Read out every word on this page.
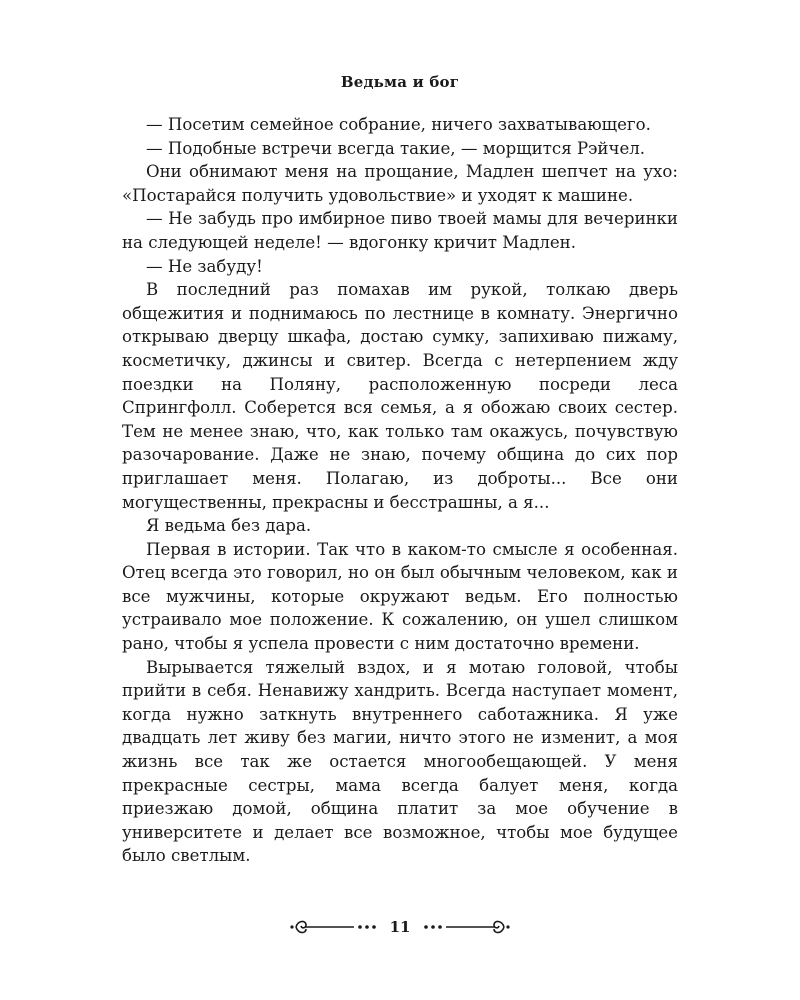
Ведьма и бог

— Посетим семейное собрание, ничего захватывающего.

— Подобные встречи всегда такие, — морщится Рэйчел.

Они обнимают меня на прощание, Мадлен шепчет на ухо: «Постарайся получить удовольствие» и уходят к машине.

— Не забудь про имбирное пиво твоей мамы для вечеринки на следующей неделе! — вдогонку кричит Мадлен.

— Не забуду!

В последний раз помахав им рукой, толкаю дверь общежития и поднимаюсь по лестнице в комнату. Энергично открываю дверцу шкафа, достаю сумку, запихиваю пижаму, косметичку, джинсы и свитер. Всегда с нетерпением жду поездки на Поляну, расположенную посреди леса Спрингфолл. Соберется вся семья, а я обожаю своих сестер. Тем не менее знаю, что, как только там окажусь, почувствую разочарование. Даже не знаю, почему община до сих пор приглашает меня. Полагаю, из доброты... Все они могущественны, прекрасны и бесстрашны, а я...

Я ведьма без дара.

Первая в истории. Так что в каком-то смысле я особенная. Отец всегда это говорил, но он был обычным человеком, как и все мужчины, которые окружают ведьм. Его полностью устраивало мое положение. К сожалению, он ушел слишком рано, чтобы я успела провести с ним достаточно времени.

Вырывается тяжелый вздох, и я мотаю головой, чтобы прийти в себя. Ненавижу хандрить. Всегда наступает момент, когда нужно заткнуть внутреннего саботажника. Я уже двадцать лет живу без магии, ничто этого не изменит, а моя жизнь все так же остается многообещающей. У меня прекрасные сестры, мама всегда балует меня, когда приезжаю домой, община платит за мое обучение в университете и делает все возможное, чтобы мое будущее было светлым.

11
